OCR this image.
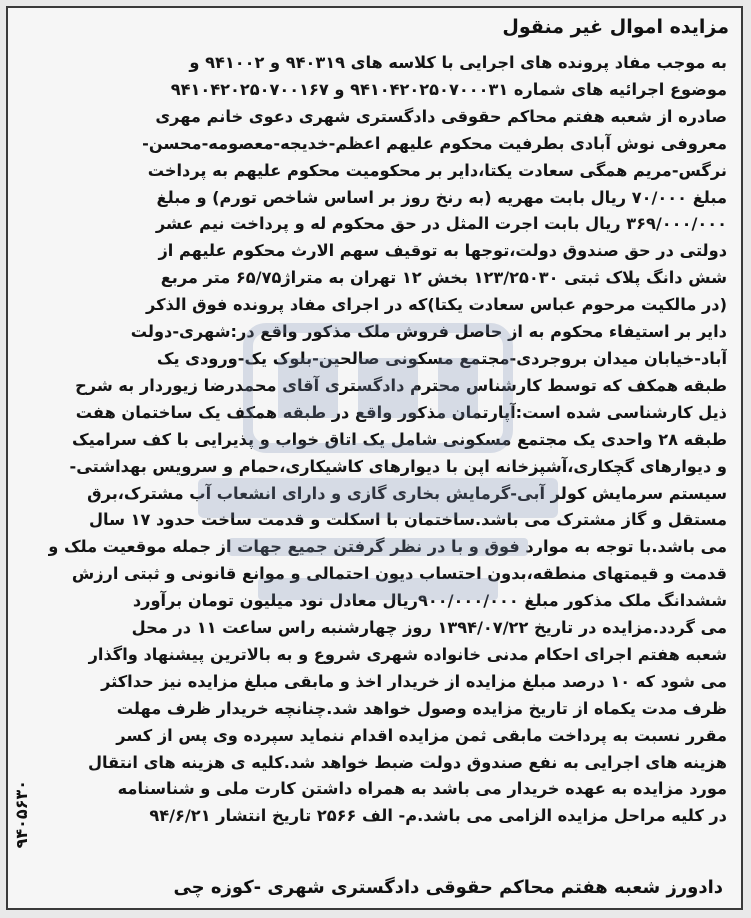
مزایده اموال غیر منقول
به موجب مفاد پرونده های اجرایی با کلاسه های ۹۴۰۳۱۹ و ۹۴۱۰۰۲ و
موضوع اجرائیه های شماره ۹۴۱۰۴۲۰۲۵۰۷۰۰۰۳۱ و ۹۴۱۰۴۲۰۲۵۰۷۰۰۱۶۷
صادره از شعبه هفتم محاکم حقوقی دادگستری شهری دعوی خانم مهری
معروفی نوش آبادی بطرفیت محکوم علیهم اعظم-خدیجه-معصومه-محسن-
نرگس-مریم همگی سعادت یکتا،دایر بر محکومیت محکوم علیهم به پرداخت
مبلغ ۷۰/۰۰۰ ریال بابت مهریه (به رنخ روز بر اساس شاخص تورم) و مبلغ
۳۶۹/۰۰۰/۰۰۰ ریال بابت اجرت المثل در حق محکوم له و پرداخت نیم عشر
دولتی در حق صندوق دولت،توجها به توقیف سهم الارث محکوم علیهم از
شش دانگ پلاک ثبتی ۱۲۳/۲۵۰۳۰ بخش ۱۲ تهران به متراژ۶۵/۷۵ متر مربع
(در مالکیت مرحوم عباس سعادت یکتا)که در اجرای مفاد پرونده فوق الذکر
دایر بر استیفاء محکوم به از حاصل فروش ملک مذکور واقع در:شهری-دولت
آباد-خیابان میدان بروجردی-مجتمع مسکونی صالحین-بلوک یک-ورودی یک
طبقه همکف که توسط کارشناس محترم دادگستری آقای محمدرضا زیوردار به شرح
ذیل کارشناسی شده است:آپارتمان مذکور واقع در طبقه همکف یک ساختمان هفت
طبقه ۲۸ واحدی یک مجتمع مسکونی شامل یک اتاق خواب و پذیرایی با کف سرامیک
و دیوارهای گچکاری،آشپزخانه اپن با دیوارهای کاشیکاری،حمام و سرویس بهداشتی-
سیستم سرمایش کولر آبی-گرمایش بخاری گازی و دارای انشعاب آب مشترک،برق
مستقل و گاز مشترک می باشد.ساختمان با اسکلت و قدمت ساخت حدود ۱۷ سال
می باشد.با توجه به موارد فوق و با در نظر گرفتن جمیع جهات از جمله موقعیت ملک و
قدمت و قیمتهای منطقه،بدون احتساب دیون احتمالی و موانع قانونی و ثبتی ارزش
ششدانگ ملک مذکور مبلغ ۹۰۰/۰۰۰/۰۰۰ریال معادل نود میلیون تومان برآورد
می گردد.مزایده در تاریخ ۱۳۹۴/۰۷/۲۲ روز چهارشنبه راس ساعت ۱۱ در محل
شعبه هفتم اجرای احکام مدنی خانواده شهری شروع و به بالاترین پیشنهاد واگذار
می شود که ۱۰ درصد مبلغ مزایده از خریدار اخذ و مابقی مبلغ مزایده نیز حداکثر
ظرف مدت یکماه از تاریخ مزایده وصول خواهد شد.چنانچه خریدار ظرف مهلت
مقرر نسبت به پرداخت مابقی ثمن مزایده اقدام ننماید سپرده وی پس از کسر
هزینه های اجرایی به نفع صندوق دولت ضبط خواهد شد.کلیه ی هزینه های انتقال
مورد مزایده به عهده خریدار می باشد به همراه داشتن کارت ملی و شناسنامه
در کلیه مراحل مزایده الزامی می باشد.م- الف ۲۵۶۶ تاریخ انتشار ۹۴/۶/۲۱
دادورز شعبه هفتم محاکم حقوقی دادگستری شهری -کوزه چی
۹۴۰۵۶۳۰
